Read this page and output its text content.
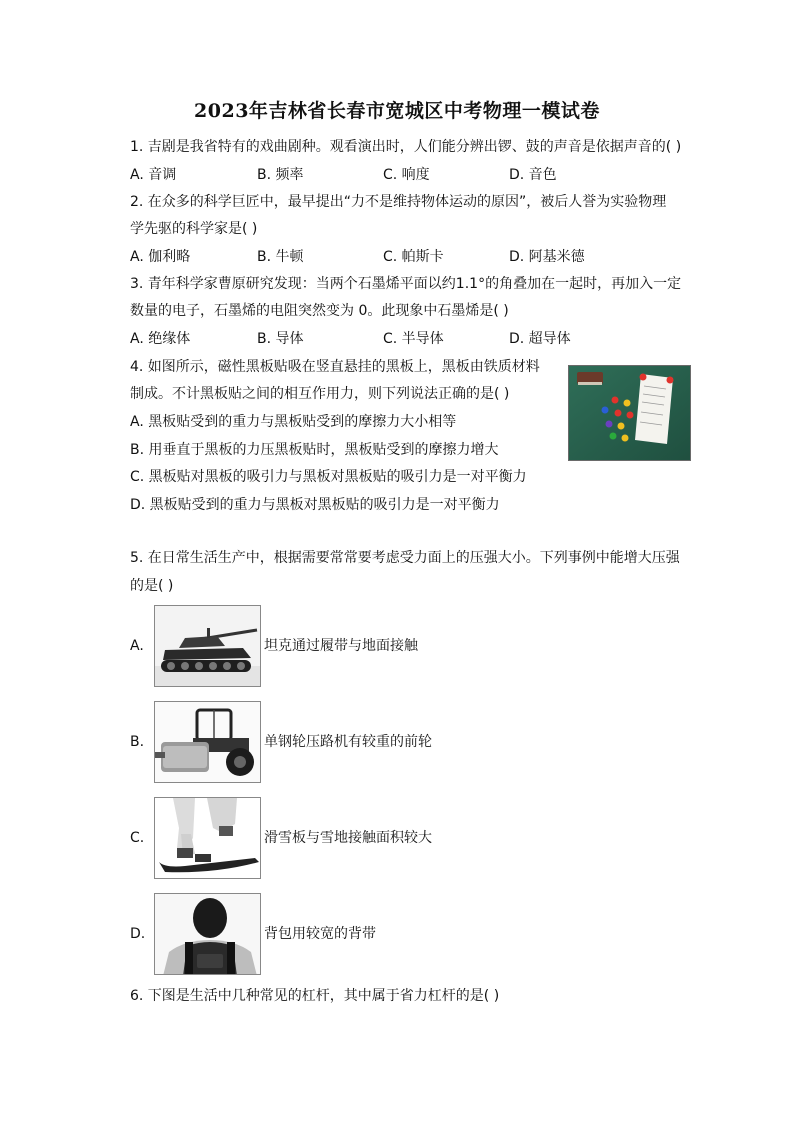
2023年吉林省长春市宽城区中考物理一模试卷
1. 吉剧是我省特有的戏曲剧种。观看演出时，人们能分辨出锣、鼓的声音是依据声音的( )
A. 音调	B. 频率	C. 响度	D. 音色
2. 在众多的科学巨匠中，最早提出“力不是维持物体运动的原因”，被后人誉为实验物理
学先驱的科学家是( )
A. 伽利略	B. 牛顿	C. 帕斯卡	D. 阿基米德
3. 青年科学家曹原研究发现：当两个石墨烯平面以约1.1°的角叠加在一起时，再加入一定
数量的电子，石墨烯的电阻突然变为 0。此现象中石墨烯是( )
A. 绝缘体	B. 导体	C. 半导体	D. 超导体
4. 如图所示，磁性黑板贴吸在竖直悬挂的黑板上，黑板由铁质材料
制成。不计黑板贴之间的相互作用力，则下列说法正确的是( )
A. 黑板贴受到的重力与黑板贴受到的摩擦力大小相等
B. 用垂直于黑板的力压黑板贴时，黑板贴受到的摩擦力增大
C. 黑板贴对黑板的吸引力与黑板对黑板贴的吸引力是一对平衡力
D. 黑板贴受到的重力与黑板对黑板贴的吸引力是一对平衡力
5. 在日常生活生产中，根据需要常常要考虑受力面上的压强大小。下列事例中能增大压强
的是( )
A.	坦克通过履带与地面接触
B.	单钢轮压路机有较重的前轮
C.	滑雪板与雪地接触面积较大
D.	背包用较宽的背带
6. 下图是生活中几种常见的杠杆，其中属于省力杠杆的是( )
